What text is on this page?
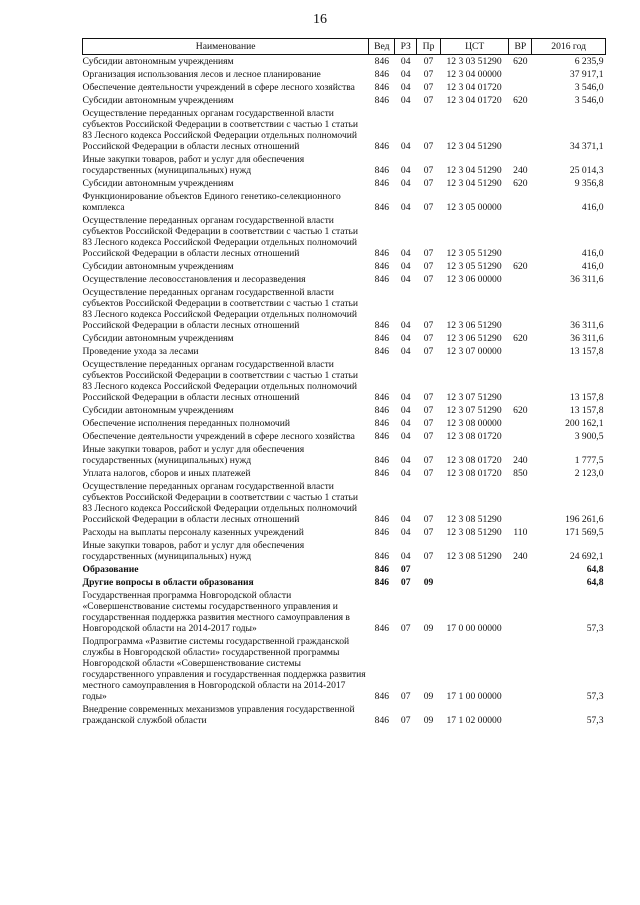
16
Наименование	Вед	РЗ	Пр	ЦСТ	ВР	2016 год
Субсидии автономным учреждениям	846	04	07	12 3 03 51290	620	6 235,9
Организация использования лесов и лесное планирование	846	04	07	12 3 04 00000		37 917,1
Обеспечение деятельности учреждений в сфере лесного хозяйства	846	04	07	12 3 04 01720		3 546,0
Субсидии автономным учреждениям	846	04	07	12 3 04 01720	620	3 546,0
Осуществление переданных органам государственной власти субъектов Российской Федерации в соответствии с частью 1 статьи 83 Лесного кодекса Российской Федерации отдельных полномочий Российской Федерации в области лесных отношений	846	04	07	12 3 04 51290		34 371,1
Иные закупки товаров, работ и услуг для обеспечения государственных (муниципальных) нужд	846	04	07	12 3 04 51290	240	25 014,3
Субсидии автономным учреждениям	846	04	07	12 3 04 51290	620	9 356,8
Функционирование объектов Единого генетико-селекционного комплекса	846	04	07	12 3 05 00000		416,0
Осуществление переданных органам государственной власти субъектов Российской Федерации в соответствии с частью 1 статьи 83 Лесного кодекса Российской Федерации отдельных полномочий Российской Федерации в области лесных отношений	846	04	07	12 3 05 51290		416,0
Субсидии автономным учреждениям	846	04	07	12 3 05 51290	620	416,0
Осуществление лесовосстановления и лесоразведения	846	04	07	12 3 06 00000		36 311,6
Осуществление переданных органам государственной власти субъектов Российской Федерации в соответствии с частью 1 статьи 83 Лесного кодекса Российской Федерации отдельных полномочий Российской Федерации в области лесных отношений	846	04	07	12 3 06 51290		36 311,6
Субсидии автономным учреждениям	846	04	07	12 3 06 51290	620	36 311,6
Проведение ухода за лесами	846	04	07	12 3 07 00000		13 157,8
Осуществление переданных органам государственной власти субъектов Российской Федерации в соответствии с частью 1 статьи 83 Лесного кодекса Российской Федерации отдельных полномочий Российской Федерации в области лесных отношений	846	04	07	12 3 07 51290		13 157,8
Субсидии автономным учреждениям	846	04	07	12 3 07 51290	620	13 157,8
Обеспечение исполнения переданных полномочий	846	04	07	12 3 08 00000		200 162,1
Обеспечение деятельности учреждений в сфере лесного хозяйства	846	04	07	12 3 08 01720		3 900,5
Иные закупки товаров, работ и услуг для обеспечения государственных (муниципальных) нужд	846	04	07	12 3 08 01720	240	1 777,5
Уплата налогов, сборов и иных платежей	846	04	07	12 3 08 01720	850	2 123,0
Осуществление переданных органам государственной власти субъектов Российской Федерации в соответствии с частью 1 статьи 83 Лесного кодекса Российской Федерации отдельных полномочий Российской Федерации в области лесных отношений	846	04	07	12 3 08 51290		196 261,6
Расходы на выплаты персоналу казенных учреждений	846	04	07	12 3 08 51290	110	171 569,5
Иные закупки товаров, работ и услуг для обеспечения государственных (муниципальных) нужд	846	04	07	12 3 08 51290	240	24 692,1
Образование	846	07				64,8
Другие вопросы в области образования	846	07	09			64,8
Государственная программа Новгородской области «Совершенствование системы государственного управления и государственная поддержка развития местного самоуправления в Новгородской области на 2014-2017 годы»	846	07	09	17 0 00 00000		57,3
Подпрограмма «Развитие системы государственной гражданской службы в Новгородской области» государственной программы Новгородской области «Совершенствование системы государственного управления и государственная поддержка развития местного самоуправления в Новгородской области на 2014-2017 годы»	846	07	09	17 1 00 00000		57,3
Внедрение современных механизмов управления государственной гражданской службой области	846	07	09	17 1 02 00000		57,3
